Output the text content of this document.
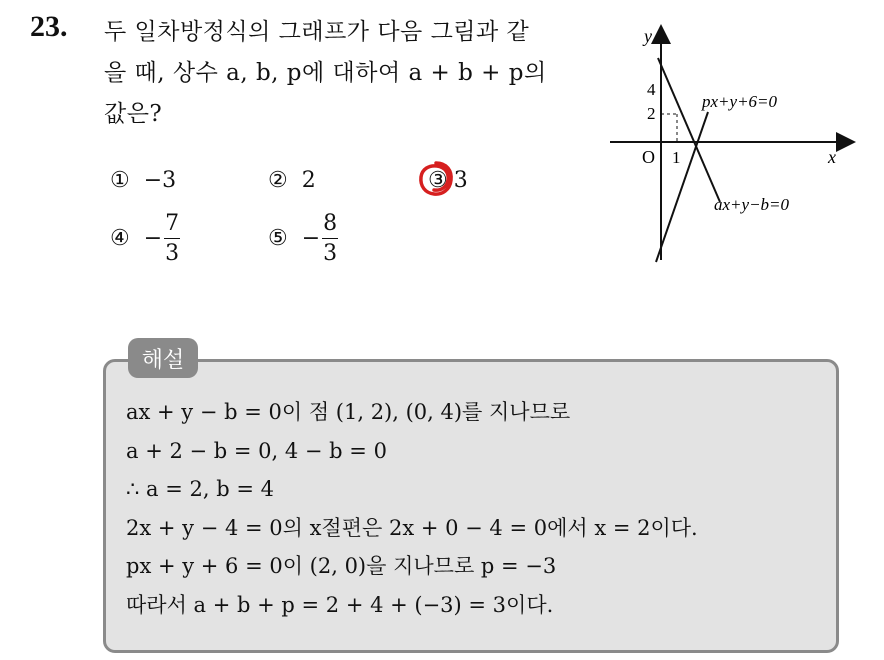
23. 두 일차방정식의 그래프가 다음 그림과 같
을 때, 상수 a, b, p에 대하여 a + b + p의
값은?
① −3	② 2	③ 3
④ − $\frac{7}{3}$	⑤ − $\frac{8}{3}$
y
x
O
4
2
1
px+y+6=0
ax+y−b=0
해설
ax + y − b = 0이 점 (1, 2), (0, 4)를 지나므로
a + 2 − b = 0, 4 − b = 0
∴ a = 2, b = 4
2x + y − 4 = 0의 x절편은 2x + 0 − 4 = 0에서 x = 2이다.
px + y + 6 = 0이 (2, 0)을 지나므로 p = −3
따라서 a + b + p = 2 + 4 + (−3) = 3이다.
